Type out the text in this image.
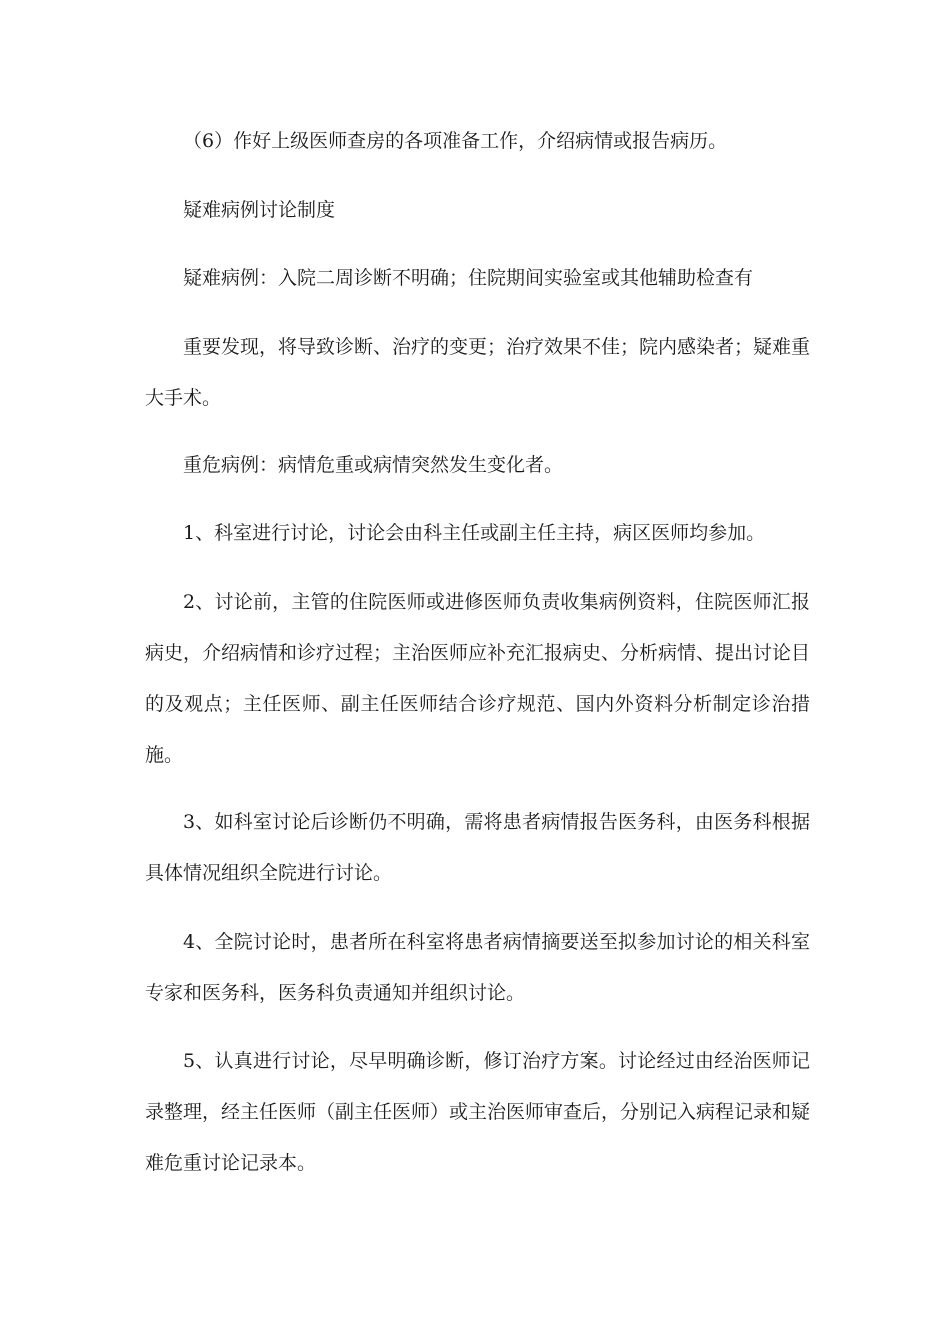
（6）作好上级医师查房的各项准备工作，介绍病情或报告病历。

疑难病例讨论制度

疑难病例：入院二周诊断不明确；住院期间实验室或其他辅助检查有

重要发现，将导致诊断、治疗的变更；治疗效果不佳；院内感染者；疑难重大手术。

重危病例：病情危重或病情突然发生变化者。

1、科室进行讨论，讨论会由科主任或副主任主持，病区医师均参加。

2、讨论前，主管的住院医师或进修医师负责收集病例资料，住院医师汇报病史，介绍病情和诊疗过程；主治医师应补充汇报病史、分析病情、提出讨论目的及观点；主任医师、副主任医师结合诊疗规范、国内外资料分析制定诊治措施。

3、如科室讨论后诊断仍不明确，需将患者病情报告医务科，由医务科根据具体情况组织全院进行讨论。

4、全院讨论时，患者所在科室将患者病情摘要送至拟参加讨论的相关科室专家和医务科，医务科负责通知并组织讨论。

5、认真进行讨论，尽早明确诊断，修订治疗方案。讨论经过由经治医师记录整理，经主任医师（副主任医师）或主治医师审查后，分别记入病程记录和疑难危重讨论记录本。
